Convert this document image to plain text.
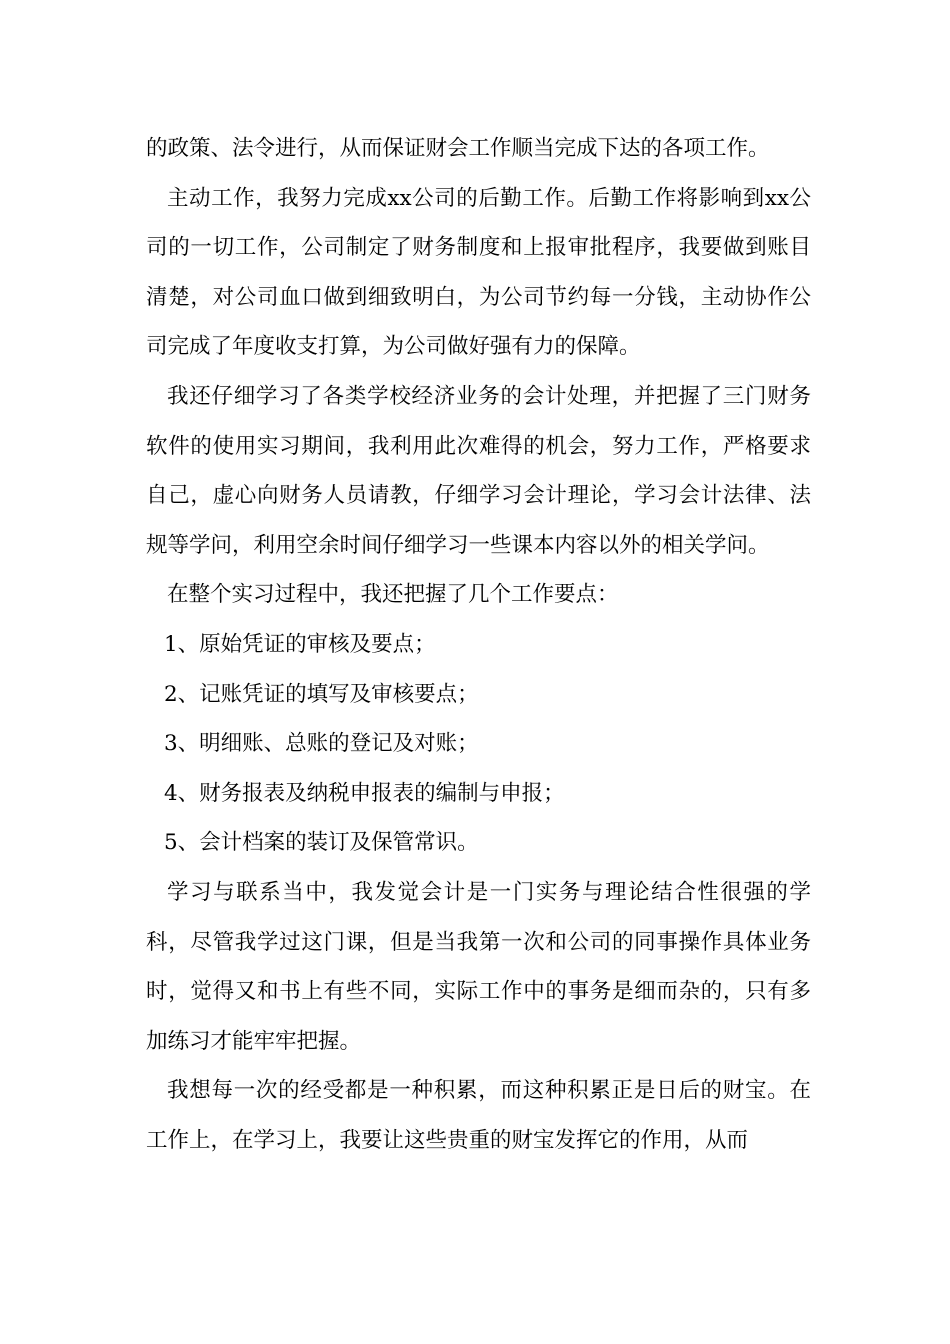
的政策、法令进行，从而保证财会工作顺当完成下达的各项工作。

主动工作，我努力完成xx公司的后勤工作。后勤工作将影响到xx公司的一切工作，公司制定了财务制度和上报审批程序，我要做到账目清楚，对公司血口做到细致明白，为公司节约每一分钱，主动协作公司完成了年度收支打算，为公司做好强有力的保障。

我还仔细学习了各类学校经济业务的会计处理，并把握了三门财务软件的使用实习期间，我利用此次难得的机会，努力工作，严格要求自己，虚心向财务人员请教，仔细学习会计理论，学习会计法律、法规等学问，利用空余时间仔细学习一些课本内容以外的相关学问。

在整个实习过程中，我还把握了几个工作要点：

1、原始凭证的审核及要点；

2、记账凭证的填写及审核要点；

3、明细账、总账的登记及对账；

4、财务报表及纳税申报表的编制与申报；

5、会计档案的装订及保管常识。

学习与联系当中，我发觉会计是一门实务与理论结合性很强的学科，尽管我学过这门课，但是当我第一次和公司的同事操作具体业务时，觉得又和书上有些不同，实际工作中的事务是细而杂的，只有多加练习才能牢牢把握。

我想每一次的经受都是一种积累，而这种积累正是日后的财宝。在工作上，在学习上，我要让这些贵重的财宝发挥它的作用，从而
